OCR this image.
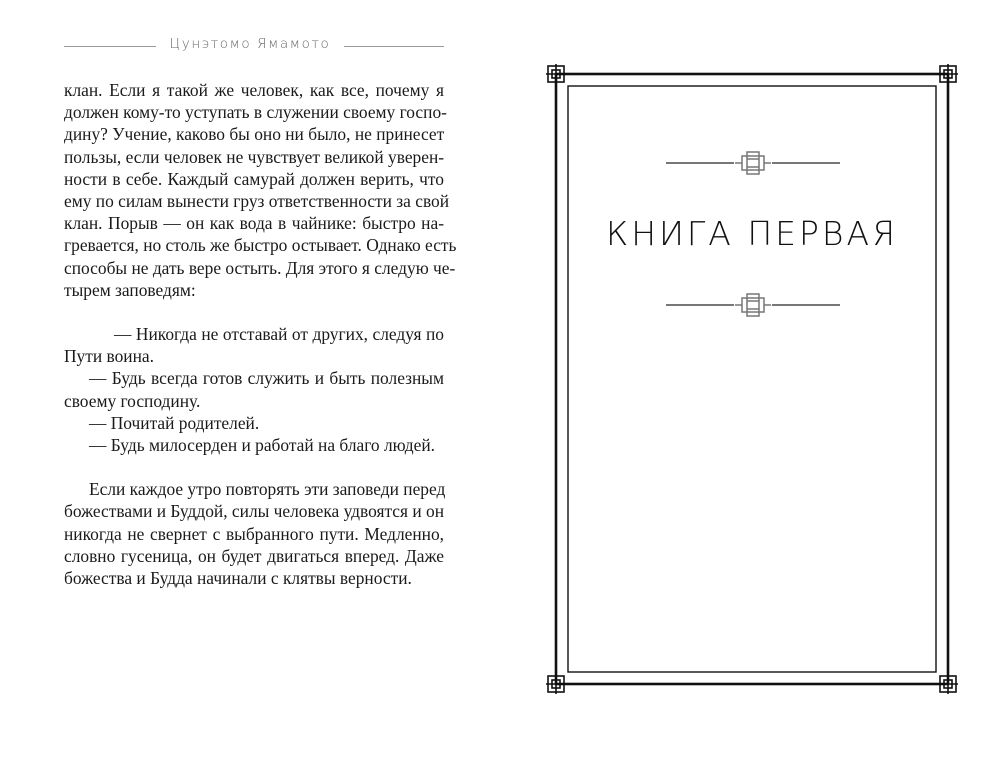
Цунэтомо Ямамото
клан. Если я такой же человек, как все, почему я
должен кому-то уступать в служении своему госпо-
дину? Учение, каково бы оно ни было, не принесет
пользы, если человек не чувствует великой уверен-
ности в себе. Каждый самурай должен верить, что
ему по силам вынести груз ответственности за свой
клан. Порыв — он как вода в чайнике: быстро на-
гревается, но столь же быстро остывает. Однако есть
способы не дать вере остыть. Для этого я следую че-
тырем заповедям:
— Никогда не отставай от других, следуя по
Пути воина.
— Будь всегда готов служить и быть полезным
своему господину.
— Почитай родителей.
— Будь милосерден и работай на благо людей.
Если каждое утро повторять эти заповеди перед
божествами и Буддой, силы человека удвоятся и он
никогда не свернет с выбранного пути. Медленно,
словно гусеница, он будет двигаться вперед. Даже
божества и Будда начинали с клятвы верности.
КНИГА ПЕРВАЯ
